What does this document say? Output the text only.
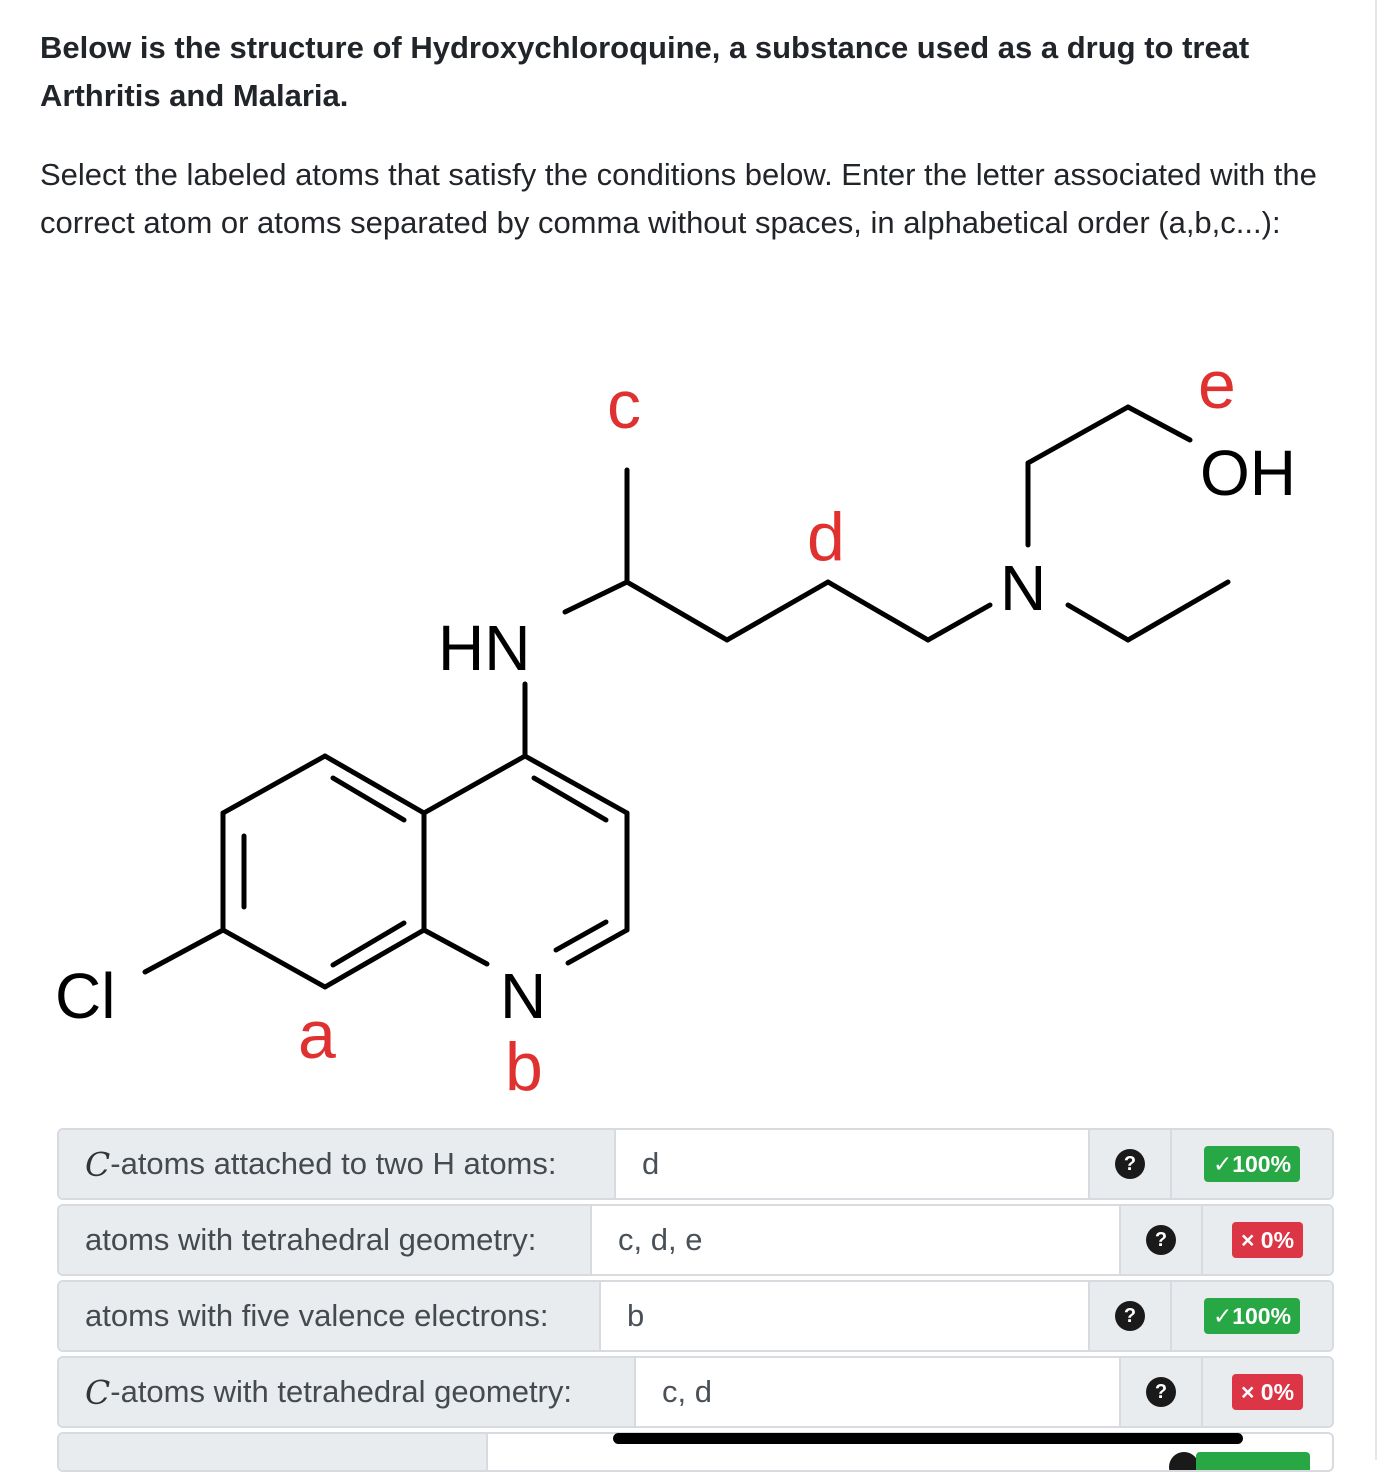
Below is the structure of Hydroxychloroquine, a substance used as a drug to treat Arthritis and Malaria.
Select the labeled atoms that satisfy the conditions below. Enter the letter associated with the correct atom or atoms separated by comma without spaces, in alphabetical order (a,b,c...):
Cl
HN
N
N
OH
a b
c
d
e
C -atoms attached to two H atoms:	d	?	✓100%
atoms with tetrahedral geometry:	c, d, e	?	× 0%
atoms with five valence electrons:	b	?	✓100%
C -atoms with tetrahedral geometry:	c, d	?	× 0%
